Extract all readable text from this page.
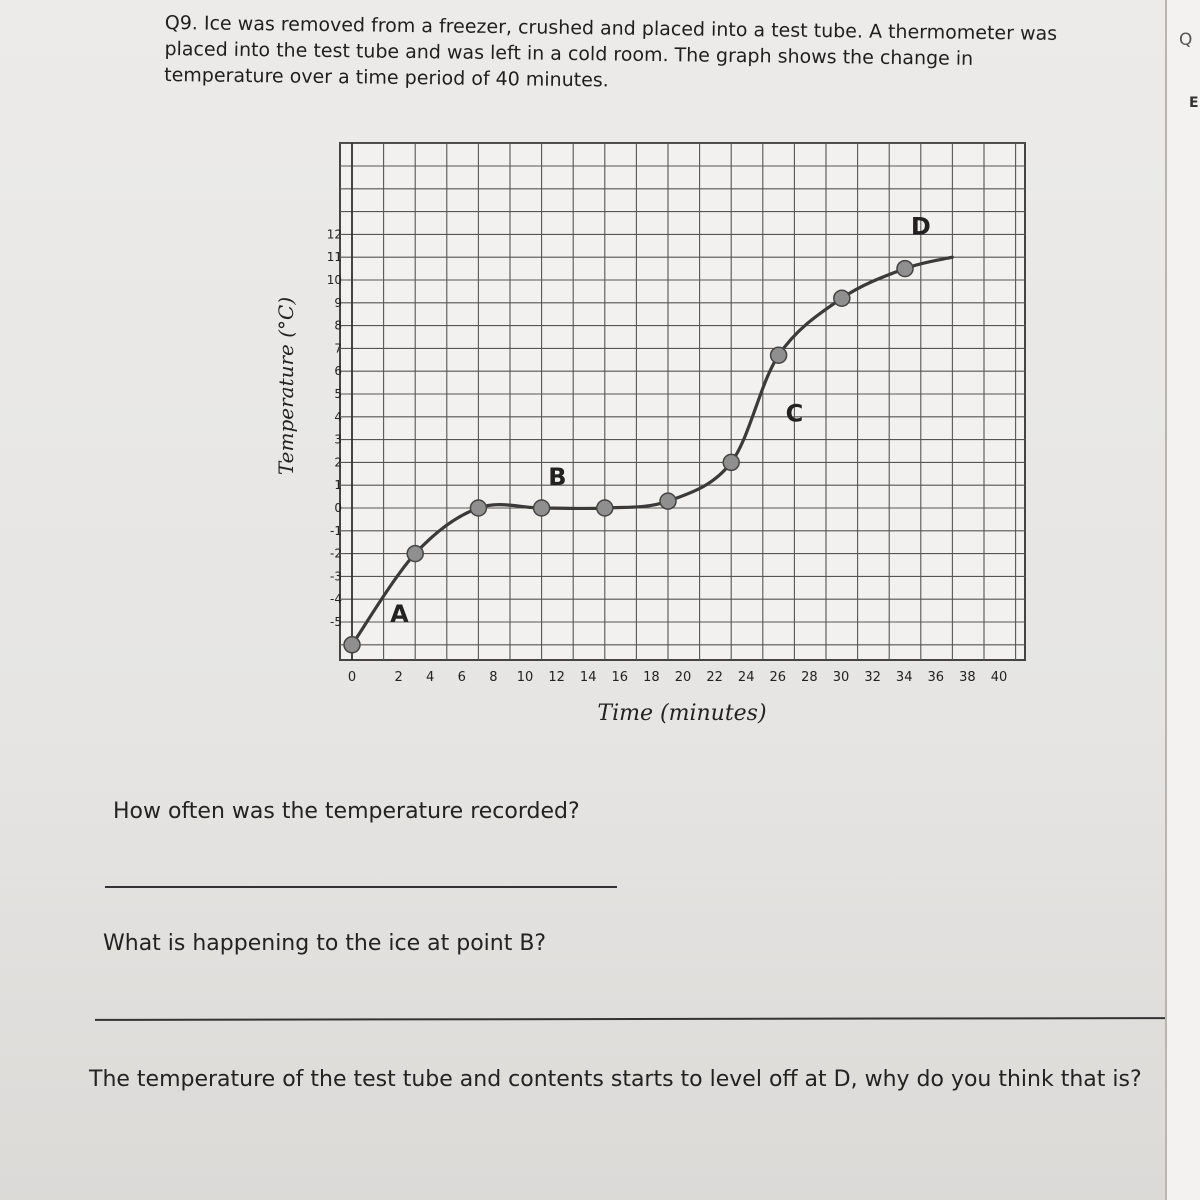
Q9. Ice was removed from a freezer, crushed and placed into a test tube. A thermometer was placed into the test tube and was left in a cold room. The graph shows the change in temperature over a time period of 40 minutes.

12
11
10
9
8
7
6
5
4
3
2
1
0
-1
-2
-3
-4
-5
0	2 4 6 8 10 12 14 16 18 20 22 24 26 28 30 32 34 36 38 40
Time (minutes)
Temperature (°C)
A
B
C
D

How often was the temperature recorded?

What is happening to the ice at point B?

The temperature of the test tube and contents starts to level off at D, why do you think that is?

Q
E
